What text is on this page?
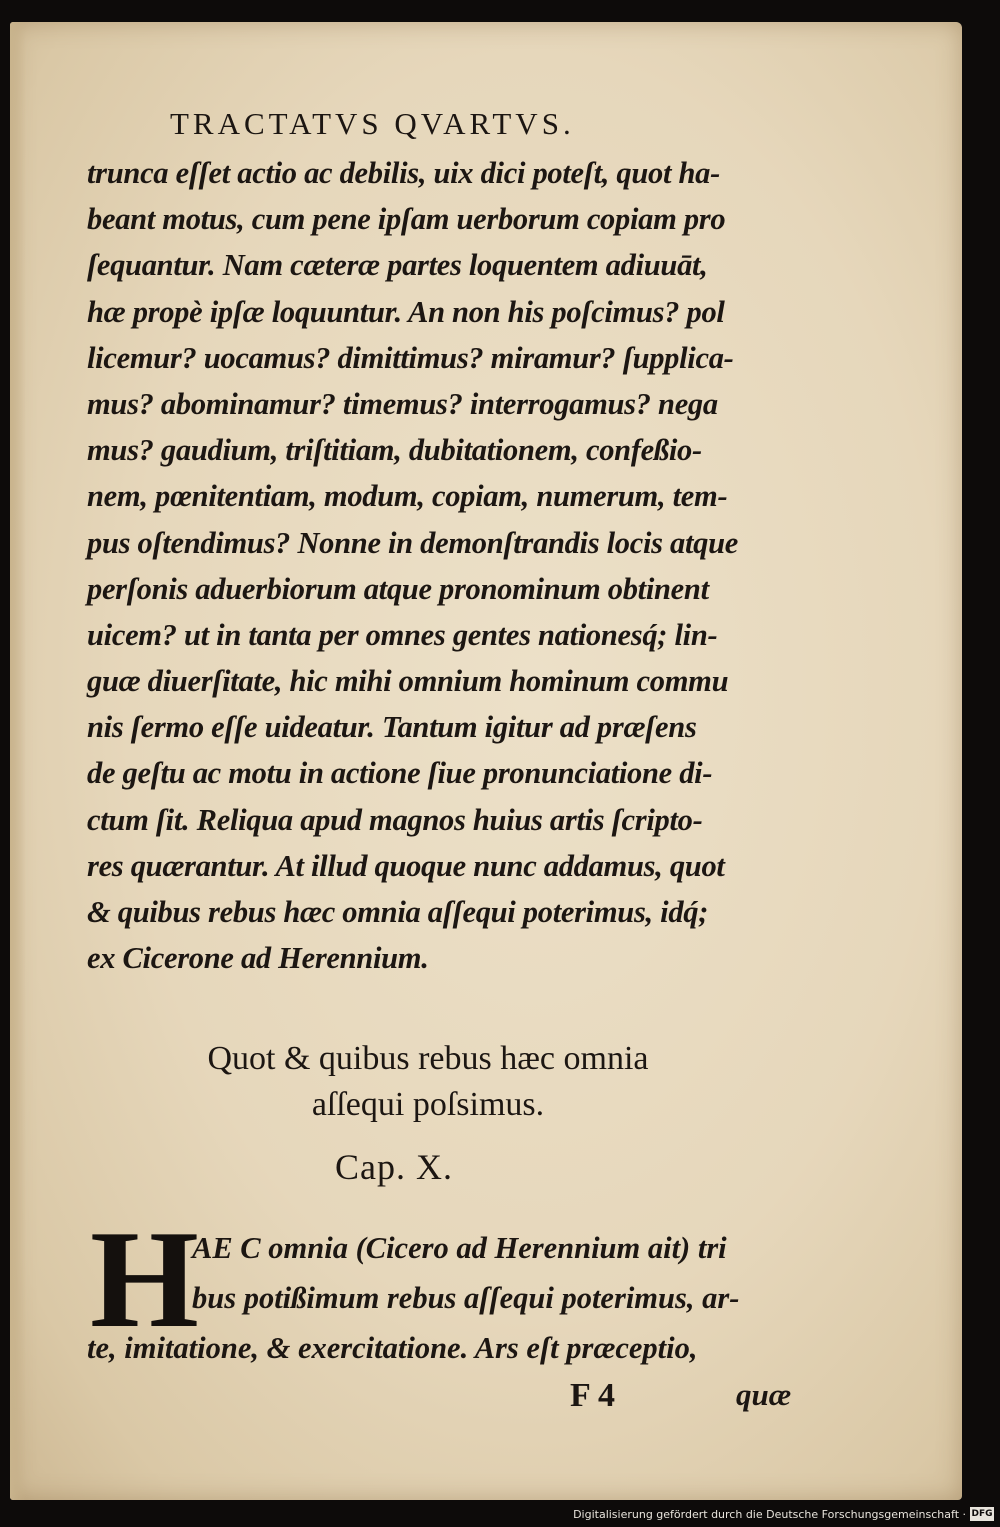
TRACTATVS QVARTVS.
trunca eſſet actio ac debilis, uix dici poteſt, quot ha-
beant motus, cum pene ipſam uerborum copiam pro
ſequantur. Nam cæteræ partes loquentem adiuuāt,
hæ propè ipſæ loquuntur. An non his poſcimus? pol
licemur? uocamus? dimittimus? miramur? ſupplica-
mus? abominamur? timemus? interrogamus? nega
mus? gaudium, triſtitiam, dubitationem, confeßio-
nem, pœnitentiam, modum, copiam, numerum, tem-
pus oſtendimus? Nonne in demonſtrandis locis atque
perſonis aduerbiorum atque pronominum obtinent
uicem? ut in tanta per omnes gentes nationesq́; lin-
guæ diuerſitate, hic mihi omnium hominum commu
nis ſermo eſſe uideatur. Tantum igitur ad præſens
de geſtu ac motu in actione ſiue pronunciatione di-
ctum ſit. Reliqua apud magnos huius artis ſcripto-
res quærantur. At illud quoque nunc addamus, quot
& quibus rebus hæc omnia aſſequi poterimus, idq́;
ex Cicerone ad Herennium.
Quot & quibus rebus hæc omnia
aſſequi poſsimus.
Cap. X.
H
AE C omnia (Cicero ad Herennium ait) tri
bus potißimum rebus aſſequi poterimus, ar-
te, imitatione, & exercitatione. Ars eſt præceptio,
F 4	quæ
Digitalisierung gefördert durch die Deutsche Forschungsgemeinschaft · DFG
